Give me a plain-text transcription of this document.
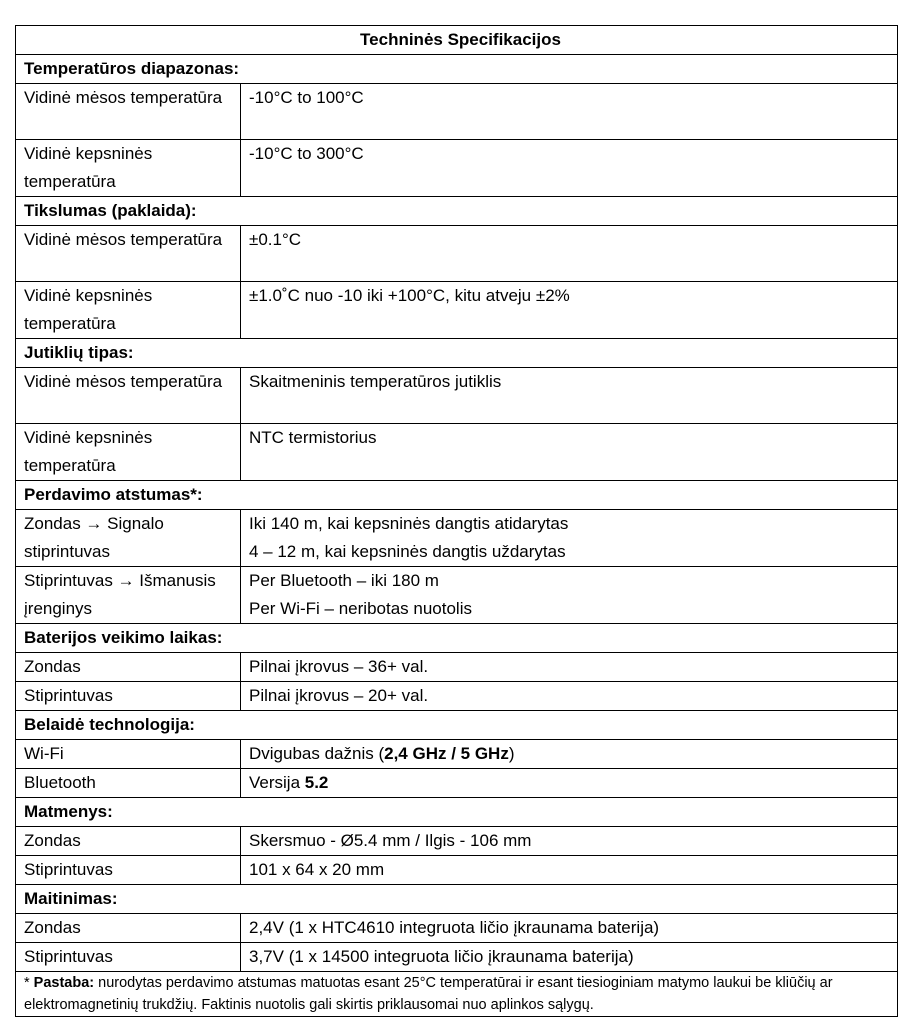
Techninės Specifikacijos	
Temperatūros diapazonas:	
Vidinė mėsos temperatūra	-10°C to 100°C
Vidinė kepsninės temperatūra	-10°C to 300°C
Tikslumas (paklaida):	
Vidinė mėsos temperatūra	±0.1°C
Vidinė kepsninės temperatūra	±1.0˚C nuo -10 iki +100°C, kitu atveju ±2%
Jutiklių tipas:	
Vidinė mėsos temperatūra	Skaitmeninis temperatūros jutiklis
Vidinė kepsninės temperatūra	NTC termistorius
Perdavimo atstumas*:	
Zondas → Signalo stiprintuvas	Iki 140 m, kai kepsninės dangtis atidarytas
4 – 12 m, kai kepsninės dangtis uždarytas

Stiprintuvas → Išmanusis įrenginys	Per Bluetooth – iki 180 m
Per Wi-Fi – neribotas nuotolis

Baterijos veikimo laikas:	
Zondas	Pilnai įkrovus – 36+ val.
Stiprintuvas	Pilnai įkrovus – 20+ val.
Belaidė technologija:	
Wi-Fi	Dvigubas dažnis (2,4 GHz / 5 GHz)
Bluetooth	Versija 5.2
Matmenys:	
Zondas	Skersmuo - Ø5.4 mm / Ilgis - 106 mm
Stiprintuvas	101 x 64 x 20 mm
Maitinimas:	
Zondas	2,4V (1 x HTC4610 integruota ličio įkraunama baterija)
Stiprintuvas	3,7V (1 x 14500 integruota ličio įkraunama baterija)
* Pastaba: nurodytas perdavimo atstumas matuotas esant 25°C temperatūrai ir esant tiesioginiam matymo laukui be kliūčių ar elektromagnetinių trukdžių. Faktinis nuotolis gali skirtis priklausomai nuo aplinkos sąlygų.	
